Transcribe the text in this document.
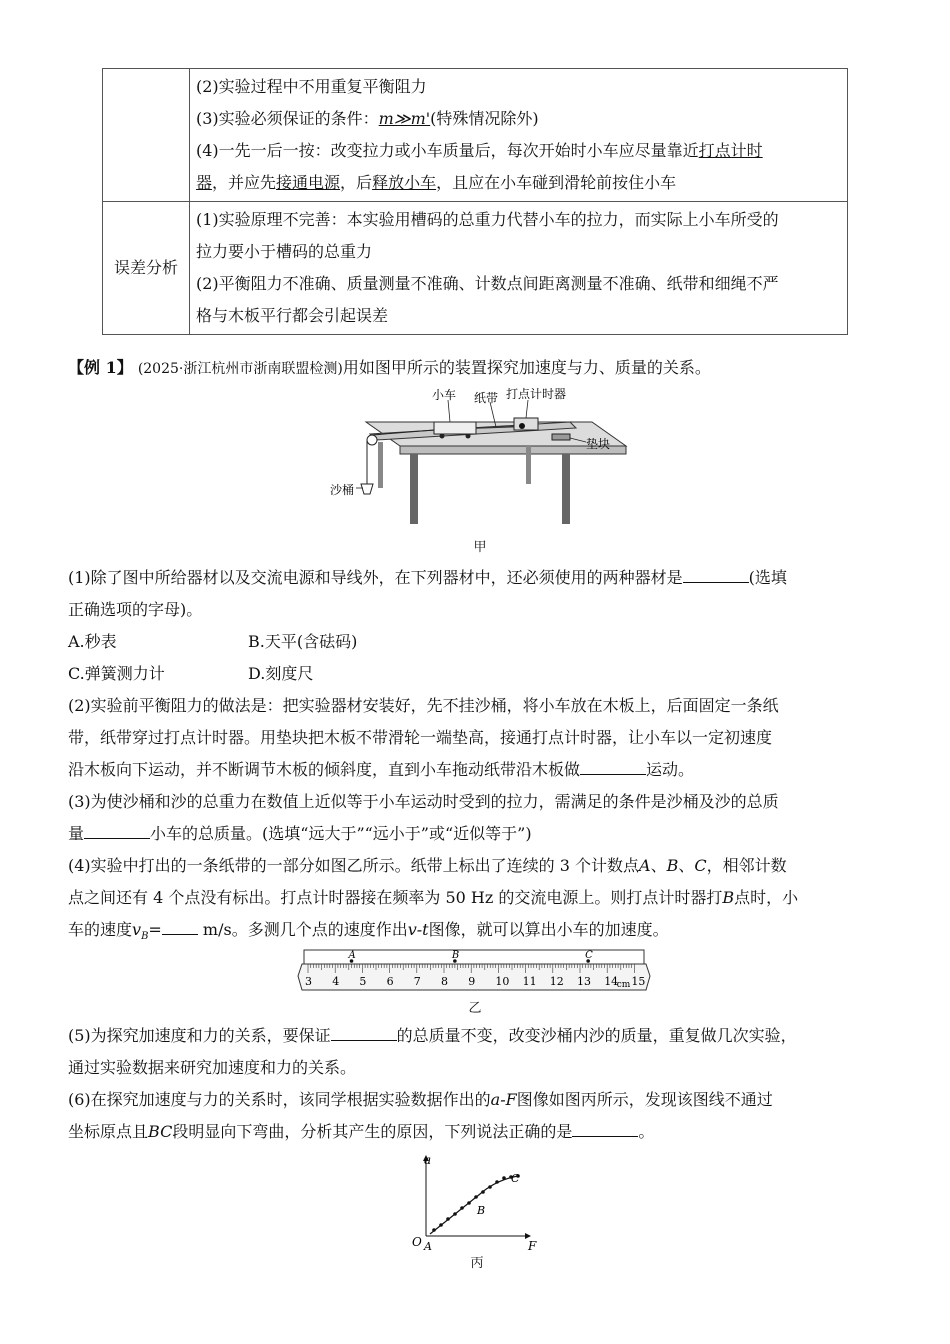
	(2)实验过程中不用重复平衡阻力
(3)实验必须保证的条件：m≫m'(特殊情况除外)
(4)一先一后一按：改变拉力或小车质量后，每次开始时小车应尽量靠近打点计时
器，并应先接通电源，后释放小车，且应在小车碰到滑轮前按住小车

误差分析	(1)实验原理不完善：本实验用槽码的总重力代替小车的拉力，而实际上小车所受的
拉力要小于槽码的总重力
(2)平衡阻力不准确、质量测量不准确、计数点间距离测量不准确、纸带和细绳不严
格与木板平行都会引起误差

【例 1】 (2025·浙江杭州市浙南联盟检测)用如图甲所示的装置探究加速度与力、质量的关系。

小车 纸带 打点计时器
垫块
沙桶
甲

(1)除了图中所给器材以及交流电源和导线外，在下列器材中，还必须使用的两种器材是	(选填

正确选项的字母)。

A.秒表	B.天平(含砝码)

C.弹簧测力计	D.刻度尺

(2)实验前平衡阻力的做法是：把实验器材安装好，先不挂沙桶，将小车放在木板上，后面固定一条纸

带，纸带穿过打点计时器。用垫块把木板不带滑轮一端垫高，接通打点计时器，让小车以一定初速度

沿木板向下运动，并不断调节木板的倾斜度，直到小车拖动纸带沿木板做	运动。

(3)为使沙桶和沙的总重力在数值上近似等于小车运动时受到的拉力，需满足的条件是沙桶及沙的总质

量	小车的总质量。(选填“远大于”“远小于”或“近似等于”)

(4)实验中打出的一条纸带的一部分如图乙所示。纸带上标出了连续的 3 个计数点A、B、C，相邻计数

点之间还有 4 个点没有标出。打点计时器接在频率为 50 Hz 的交流电源上。则打点计时器打B点时，小

车的速度$v_B=$	m/s。多测几个点的速度作出v-t图像，就可以算出小车的加速度。

3 4 5 6 7 8 9 10 11 12 13 14 15
cm
A	B	C
乙

(5)为探究加速度和力的关系，要保证	的总质量不变，改变沙桶内沙的质量，重复做几次实验，

通过实验数据来研究加速度和力的关系。

(6)在探究加速度与力的关系时，该同学根据实验数据作出的a-F图像如图丙所示，发现该图线不通过

坐标原点且BC段明显向下弯曲，分析其产生的原因，下列说法正确的是	。

a
F
O A
B
C
丙
